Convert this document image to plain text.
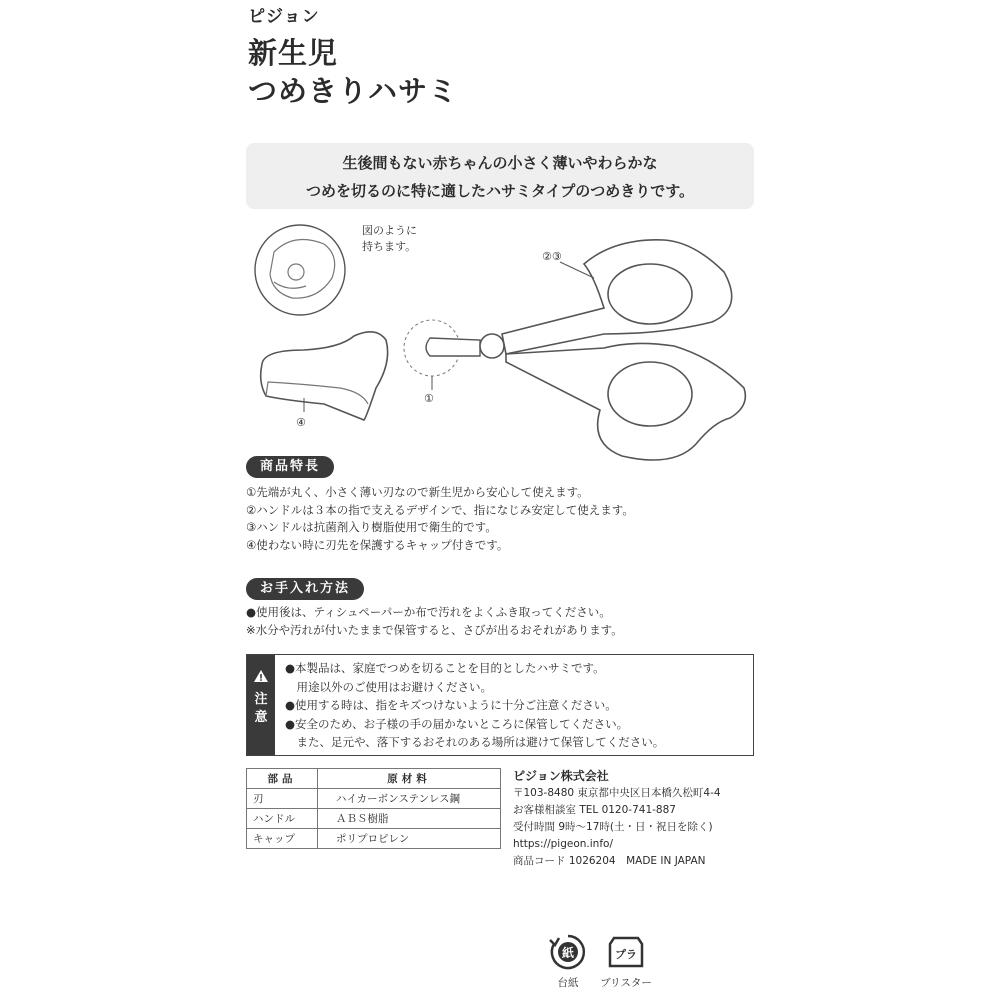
ピジョン
新生児
つめきりハサミ
生後間もない赤ちゃんの小さく薄いやわらかな
つめを切るのに特に適したハサミタイプのつめきりです。
図のように
持ちます。
④
①
②③
商品特長
①先端が丸く、小さく薄い刃なので新生児から安心して使えます。
②ハンドルは３本の指で支えるデザインで、指になじみ安定して使えます。
③ハンドルは抗菌剤入り樹脂使用で衛生的です。
④使わない時に刃先を保護するキャップ付きです。
お手入れ方法
●使用後は、ティシュペーパーか布で汚れをよくふき取ってください。
※水分や汚れが付いたままで保管すると、さびが出るおそれがあります。
注意
●本製品は、家庭でつめを切ることを目的としたハサミです。
　用途以外のご使用はお避けください。
●使用する時は、指をキズつけないように十分ご注意ください。
●安全のため、お子様の手の届かないところに保管してください。
　また、足元や、落下するおそれのある場所は避けて保管してください。
部品	原材料
刃	ハイカーボンステンレス鋼
ハンドル	ＡＢＳ樹脂
キャップ	ポリプロピレン
ピジョン株式会社
〒103-8480 東京都中央区日本橋久松町4-4
お客様相談室 TEL 0120-741-887
受付時間 9時～17時(土・日・祝日を除く)
https://pigeon.info/
商品コード 1026204　MADE IN JAPAN
紙
台紙
プラ
ブリスター
